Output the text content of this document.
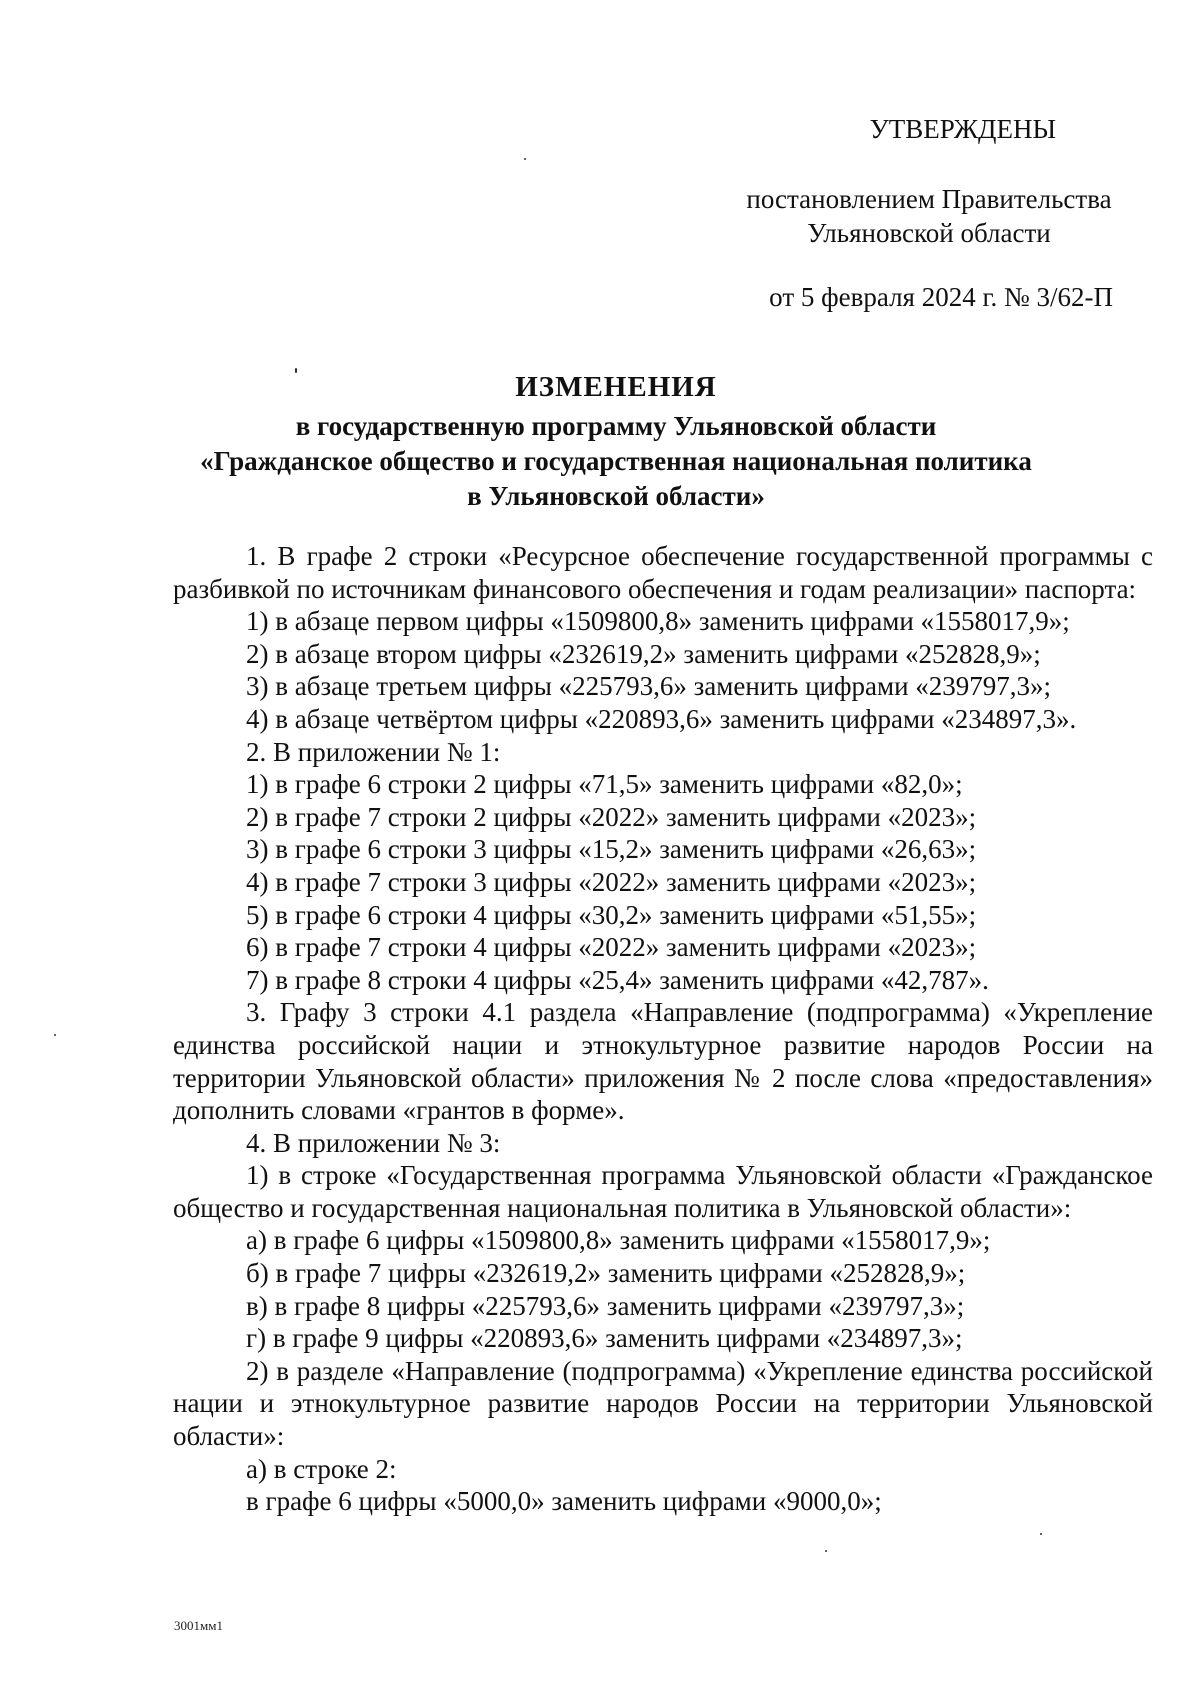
УТВЕРЖДЕНЫ
постановлением Правительства
Ульяновской области
от 5 февраля 2024 г. № 3/62-П
ИЗМЕНЕНИЯ
в государственную программу Ульяновской области
«Гражданское общество и государственная национальная политика
в Ульяновской области»

1. В графе 2 строки «Ресурсное обеспечение государственной программы с разбивкой по источникам финансового обеспечения и годам реализации» паспорта:

1) в абзаце первом цифры «1509800,8» заменить цифрами «1558017,9»;

2) в абзаце втором цифры «232619,2» заменить цифрами «252828,9»;

3) в абзаце третьем цифры «225793,6» заменить цифрами «239797,3»;

4) в абзаце четвёртом цифры «220893,6» заменить цифрами «234897,3».

2. В приложении № 1:

1) в графе 6 строки 2 цифры «71,5» заменить цифрами «82,0»;

2) в графе 7 строки 2 цифры «2022» заменить цифрами «2023»;

3) в графе 6 строки 3 цифры «15,2» заменить цифрами «26,63»;

4) в графе 7 строки 3 цифры «2022» заменить цифрами «2023»;

5) в графе 6 строки 4 цифры «30,2» заменить цифрами «51,55»;

6) в графе 7 строки 4 цифры «2022» заменить цифрами «2023»;

7) в графе 8 строки 4 цифры «25,4» заменить цифрами «42,787».

3. Графу 3 строки 4.1 раздела «Направление (подпрограмма) «Укрепление единства российской нации и этнокультурное развитие народов России на территории Ульяновской области» приложения № 2 после слова «предоставления» дополнить словами «грантов в форме».

4. В приложении № 3:

1) в строке «Государственная программа Ульяновской области «Гражданское общество и государственная национальная политика в Ульяновской области»:

а) в графе 6 цифры «1509800,8» заменить цифрами «1558017,9»;

б) в графе 7 цифры «232619,2» заменить цифрами «252828,9»;

в) в графе 8 цифры «225793,6» заменить цифрами «239797,3»;

г) в графе 9 цифры «220893,6» заменить цифрами «234897,3»;

2) в разделе «Направление (подпрограмма) «Укрепление единства российской нации и этнокультурное развитие народов России на территории Ульяновской области»:

а) в строке 2:

в графе 6 цифры «5000,0» заменить цифрами «9000,0»;

3001мм1
